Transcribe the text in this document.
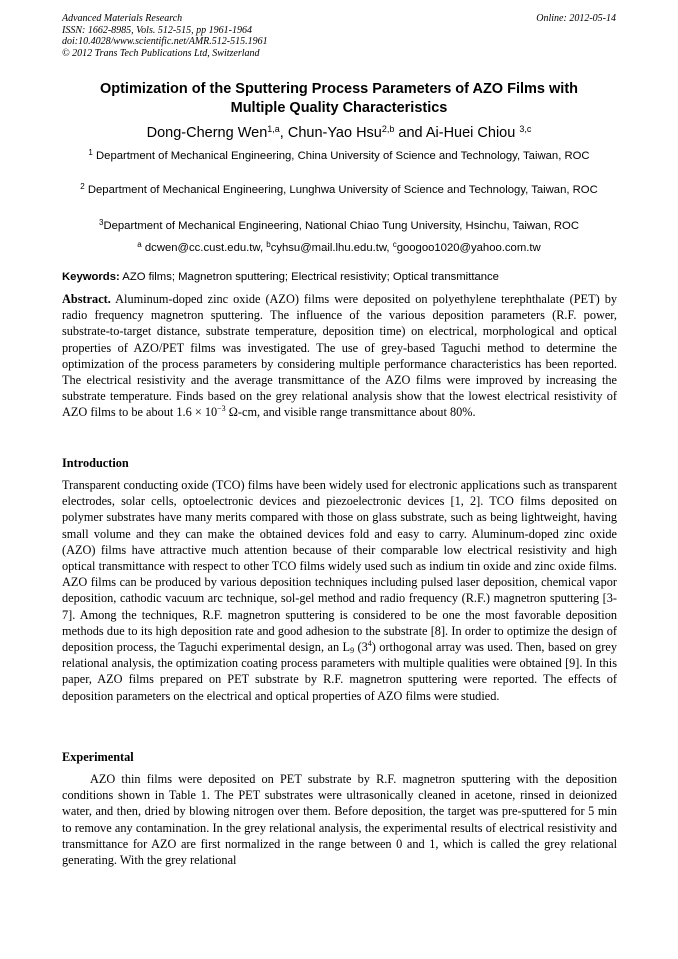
Advanced Materials Research
ISSN: 1662-8985, Vols. 512-515, pp 1961-1964
doi:10.4028/www.scientific.net/AMR.512-515.1961
© 2012 Trans Tech Publications Ltd, Switzerland
Online: 2012-05-14
Optimization of the Sputtering Process Parameters of AZO Films with
Multiple Quality Characteristics
Dong-Cherng Wen$^{1,a}$, Chun-Yao Hsu$^{2,b}$ and Ai-Huei Chiou $^{3,c}$
$^1$ Department of Mechanical Engineering, China University of Science and Technology, Taiwan, ROC
$^2$ Department of Mechanical Engineering, Lunghwa University of Science and Technology, Taiwan, ROC
$^3$Department of Mechanical Engineering, National Chiao Tung University, Hsinchu, Taiwan, ROC
$^a$ dcwen@cc.cust.edu.tw, $^b$cyhsu@mail.lhu.edu.tw, $^c$googoo1020@yahoo.com.tw
Keywords: AZO films; Magnetron sputtering; Electrical resistivity; Optical transmittance
Abstract. Aluminum-doped zinc oxide (AZO) films were deposited on polyethylene terephthalate (PET) by radio frequency magnetron sputtering. The influence of the various deposition parameters (R.F. power, substrate-to-target distance, substrate temperature, deposition time) on electrical, morphological and optical properties of AZO/PET films was investigated. The use of grey-based Taguchi method to determine the optimization of the process parameters by considering multiple performance characteristics has been reported. The electrical resistivity and the average transmittance of the AZO films were improved by increasing the substrate temperature. Finds based on the grey relational analysis show that the lowest electrical resistivity of AZO films to be about $1.6 \times 10^{-3}$ Ω-cm, and visible range transmittance about 80%.
Introduction
Transparent conducting oxide (TCO) films have been widely used for electronic applications such as transparent electrodes, solar cells, optoelectronic devices and piezoelectronic devices [1, 2]. TCO films deposited on polymer substrates have many merits compared with those on glass substrate, such as being lightweight, having small volume and they can make the obtained devices fold and easy to carry. Aluminum-doped zinc oxide (AZO) films have attractive much attention because of their comparable low electrical resistivity and high optical transmittance with respect to other TCO films widely used such as indium tin oxide and zinc oxide films. AZO films can be produced by various deposition techniques including pulsed laser deposition, chemical vapor deposition, cathodic vacuum arc technique, sol-gel method and radio frequency (R.F.) magnetron sputtering [3-7]. Among the techniques, R.F. magnetron sputtering is considered to be one the most favorable deposition methods due to its high deposition rate and good adhesion to the substrate [8]. In order to optimize the design of deposition process, the Taguchi experimental design, an $L_9$ $(3^4)$ orthogonal array was used. Then, based on grey relational analysis, the optimization coating process parameters with multiple qualities were obtained [9]. In this paper, AZO films prepared on PET substrate by R.F. magnetron sputtering were reported. The effects of deposition parameters on the electrical and optical properties of AZO films were studied.
Experimental
AZO thin films were deposited on PET substrate by R.F. magnetron sputtering with the deposition conditions shown in Table 1. The PET substrates were ultrasonically cleaned in acetone, rinsed in deionized water, and then, dried by blowing nitrogen over them. Before deposition, the target was pre-sputtered for 5 min to remove any contamination. In the grey relational analysis, the experimental results of electrical resistivity and transmittance for AZO are first normalized in the range between 0 and 1, which is called the grey relational generating. With the grey relational
